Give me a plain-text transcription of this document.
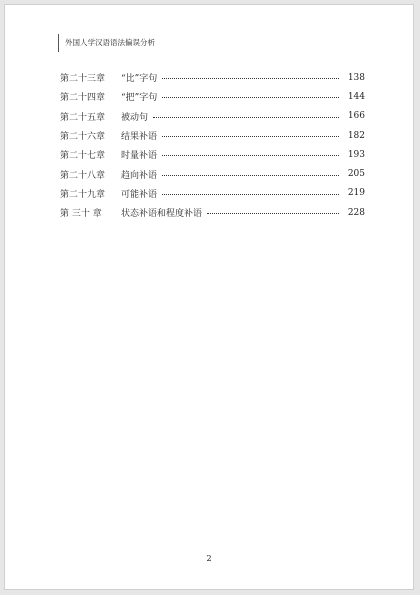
外国人学汉语语法偏误分析
第二十三章	“比”字句	138
第二十四章	“把”字句	144
第二十五章	被动句	166
第二十六章	结果补语	182
第二十七章	时量补语	193
第二十八章	趋向补语	205
第二十九章	可能补语	219
第 三十 章	状态补语和程度补语	228
2
